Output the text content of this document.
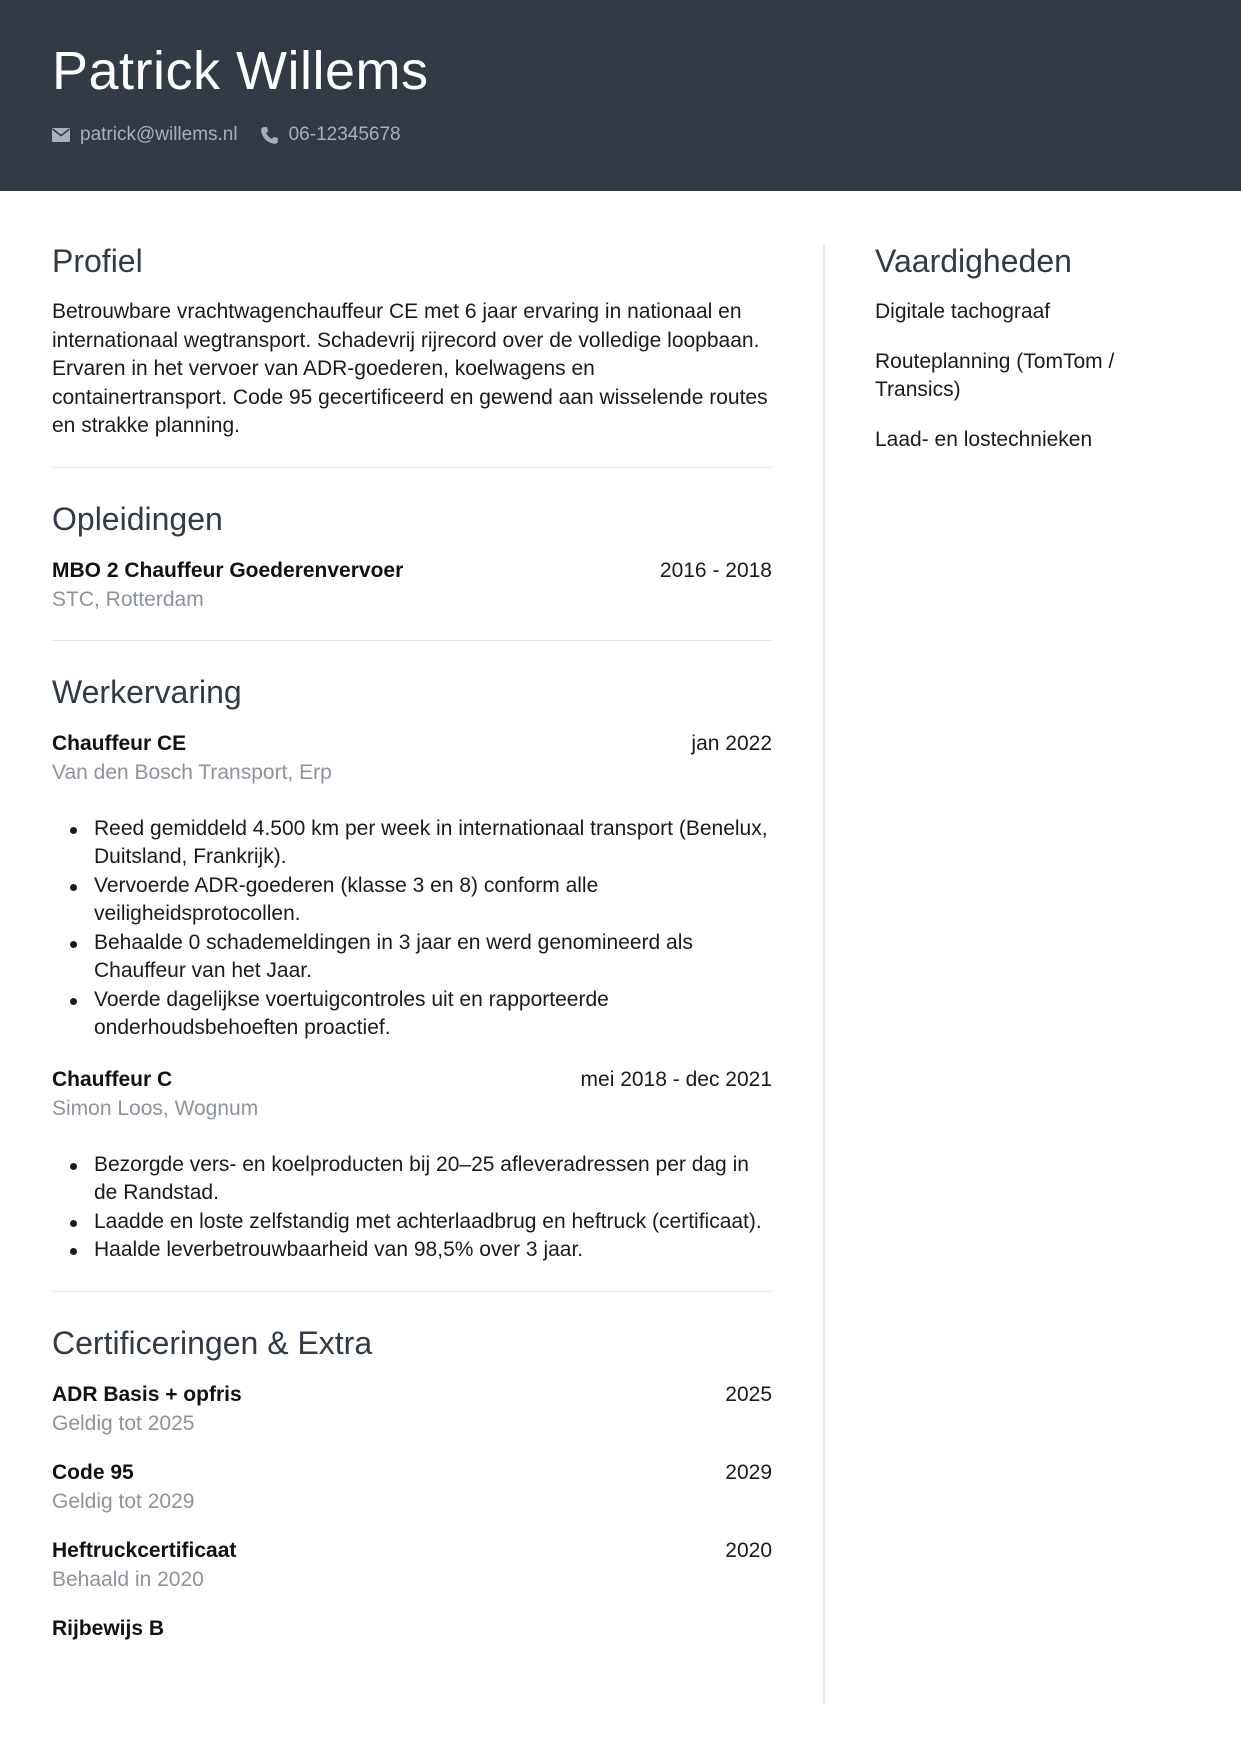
Patrick Willems
patrick@willems.nl	06-12345678
Profiel
Betrouwbare vrachtwagenchauffeur CE met 6 jaar ervaring in nationaal en internationaal wegtransport. Schadevrij rijrecord over de volledige loopbaan. Ervaren in het vervoer van ADR-goederen, koelwagens en containertransport. Code 95 gecertificeerd en gewend aan wisselende routes en strakke planning.
Opleidingen
MBO 2 Chauffeur Goederenvervoer	2016 - 2018
STC, Rotterdam
Werkervaring
Chauffeur CE	jan 2022
Van den Bosch Transport, Erp
Reed gemiddeld 4.500 km per week in internationaal transport (Benelux, Duitsland, Frankrijk).
Vervoerde ADR-goederen (klasse 3 en 8) conform alle veiligheidsprotocollen.
Behaalde 0 schademeldingen in 3 jaar en werd genomineerd als Chauffeur van het Jaar.
Voerde dagelijkse voertuigcontroles uit en rapporteerde onderhoudsbehoeften proactief.
Chauffeur C	mei 2018 - dec 2021
Simon Loos, Wognum
Bezorgde vers- en koelproducten bij 20–25 afleveradressen per dag in de Randstad.
Laadde en loste zelfstandig met achterlaadbrug en heftruck (certificaat).
Haalde leverbetrouwbaarheid van 98,5% over 3 jaar.
Certificeringen & Extra
ADR Basis + opfris	2025
Geldig tot 2025
Code 95	2029
Geldig tot 2029
Heftruckcertificaat	2020
Behaald in 2020
Rijbewijs B
Vaardigheden
Digitale tachograaf
Routeplanning (TomTom / Transics)
Laad- en lostechnieken
